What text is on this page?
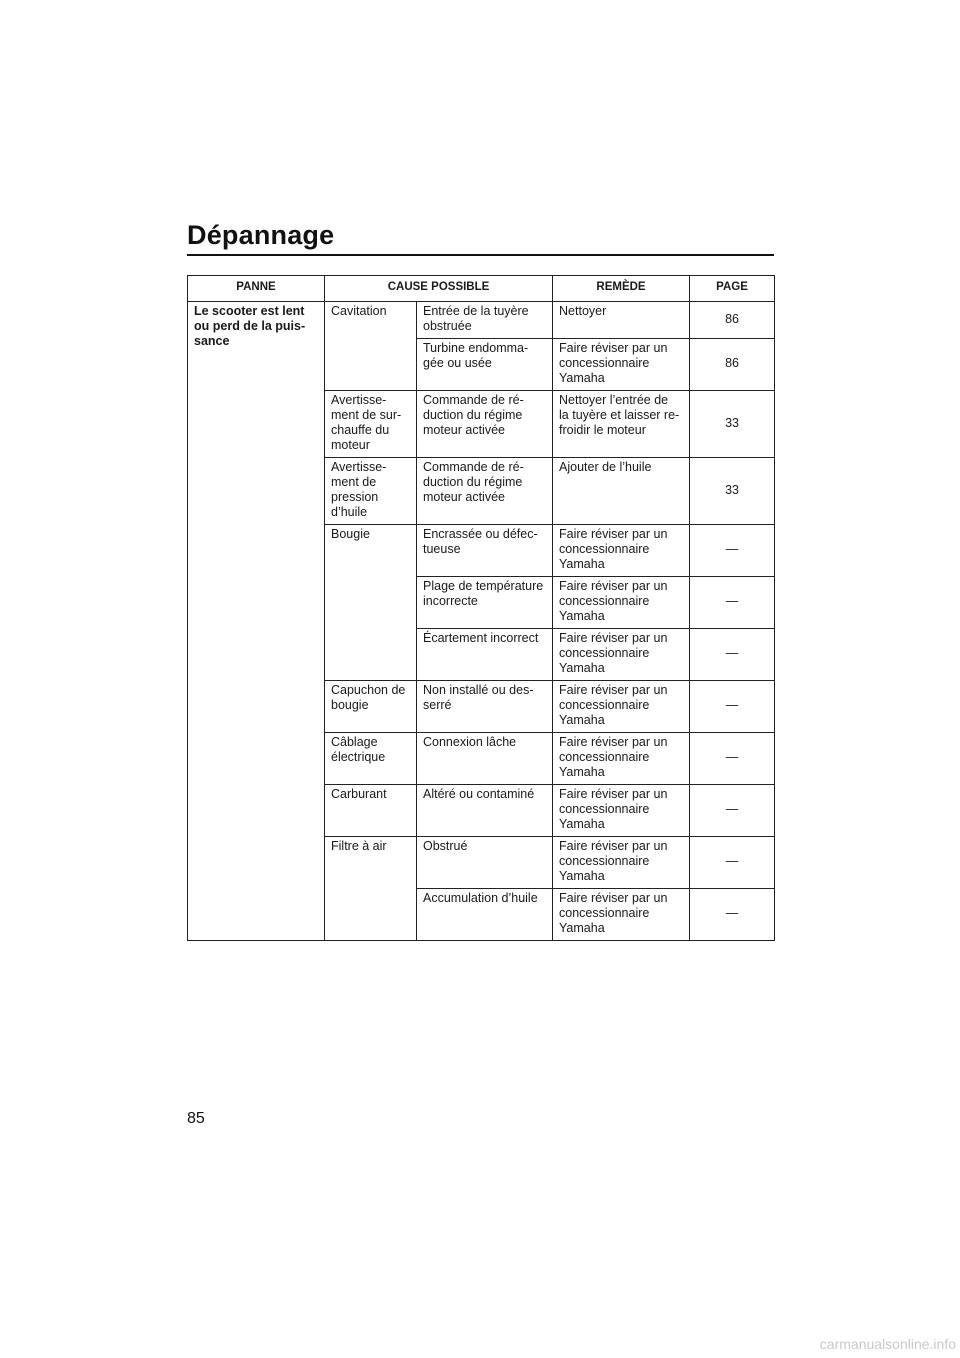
Dépannage
PANNE	CAUSE POSSIBLE		REMÈDE	PAGE

Le scooter est lent
ou perd de la puis-
sance	Cavitation	Entrée de la tuyère
obstruée	Nettoyer	86

		Turbine endomma-
gée ou usée	Faire réviser par un
concessionnaire
Yamaha	86

	Avertisse-
ment de sur-
chauffe du
moteur	Commande de ré-
duction du régime
moteur activée	Nettoyer l’entrée de
la tuyère et laisser re-
froidir le moteur	33

	Avertisse-
ment de
pression
d’huile	Commande de ré-
duction du régime
moteur activée	Ajouter de l’huile	33

	Bougie	Encrassée ou défec-
tueuse	Faire réviser par un
concessionnaire
Yamaha	—

		Plage de température
incorrecte	Faire réviser par un
concessionnaire
Yamaha	—

		Écartement incorrect	Faire réviser par un
concessionnaire
Yamaha	—

	Capuchon de
bougie	Non installé ou des-
serré	Faire réviser par un
concessionnaire
Yamaha	—

	Câblage
électrique	Connexion lâche	Faire réviser par un
concessionnaire
Yamaha	—

	Carburant	Altéré ou contaminé	Faire réviser par un
concessionnaire
Yamaha	—

	Filtre à air	Obstrué	Faire réviser par un
concessionnaire
Yamaha	—

		Accumulation d’huile	Faire réviser par un
concessionnaire
Yamaha	—
85
carmanualsonline.info
